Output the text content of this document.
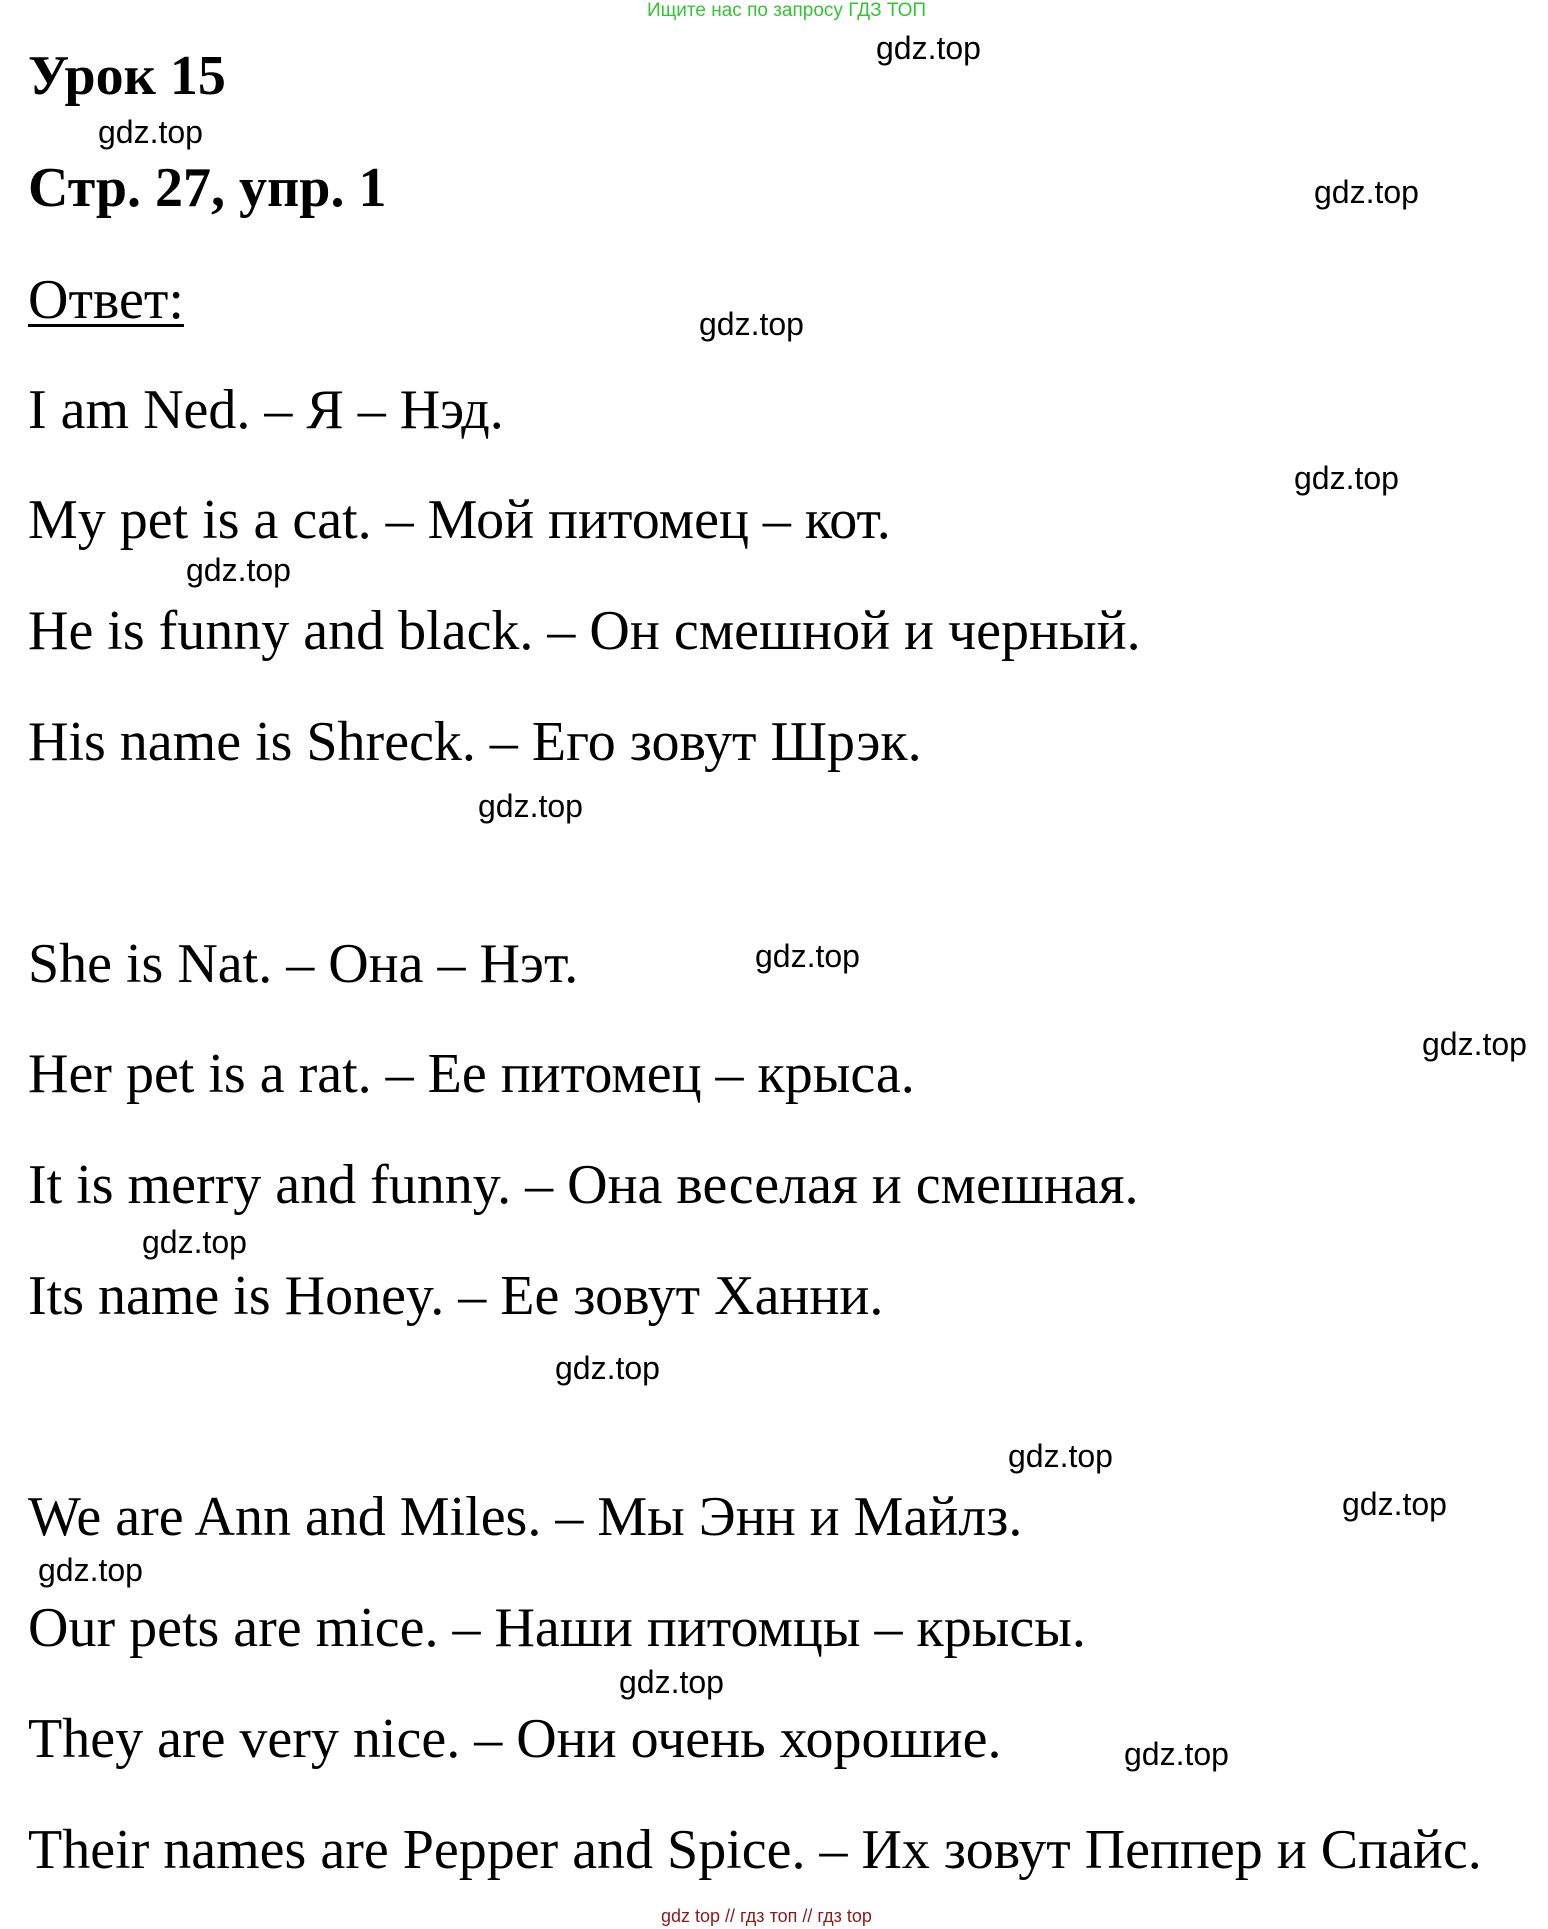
Ищите нас по запросу ГДЗ ТОП
Урок 15
Стр. 27, упр. 1
Ответ:
I am Ned. – Я – Нэд.
My pet is a cat. – Мой питомец – кот.
He is funny and black. – Он смешной и черный.
His name is Shreck. – Его зовут Шрэк.
She is Nat. – Она – Нэт.
Her pet is a rat. – Ее питомец – крыса.
It is merry and funny. – Она веселая и смешная.
Its name is Honey. – Ее зовут Ханни.
We are Ann and Miles. – Мы Энн и Майлз.
Our pets are mice. – Наши питомцы – крысы.
They are very nice. – Они очень хорошие.
Their names are Pepper and Spice. – Их зовут Пеппер и Спайс.
gdz.top
gdz.top
gdz.top
gdz.top
gdz.top
gdz.top
gdz.top
gdz.top
gdz.top
gdz.top
gdz.top
gdz.top
gdz.top
gdz.top
gdz.top
gdz.top
gdz top // гдз топ // гдз top
